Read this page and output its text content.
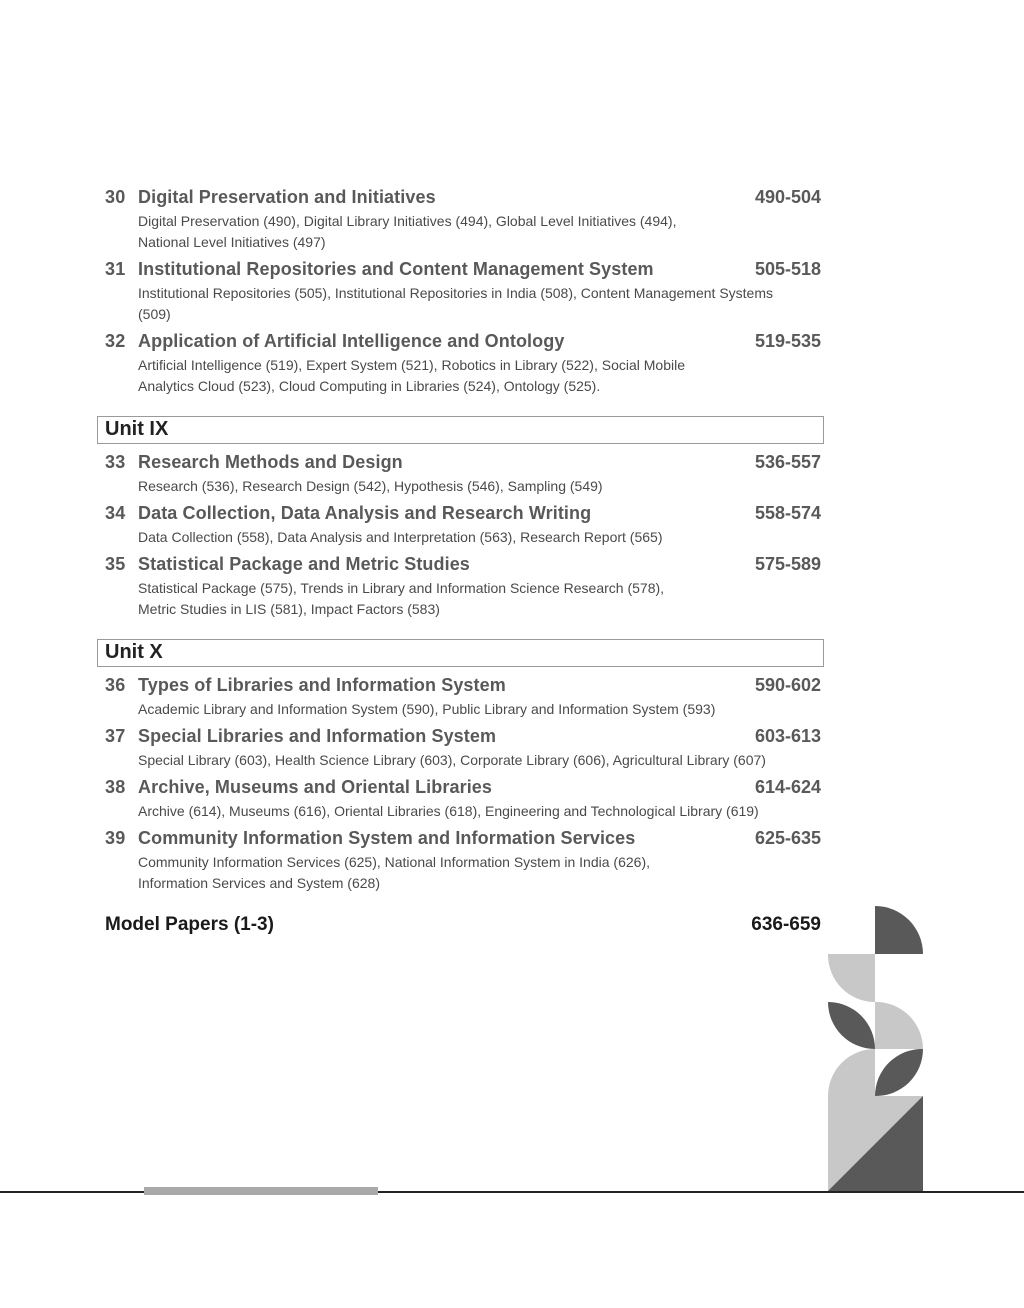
30 Digital Preservation and Initiatives	490-504
Digital Preservation (490), Digital Library Initiatives (494), Global Level Initiatives (494),
National Level Initiatives (497)
31 Institutional Repositories and Content Management System	505-518
Institutional Repositories (505), Institutional Repositories in India (508), Content Management Systems
(509)
32 Application of Artificial Intelligence and Ontology	519-535
Artificial Intelligence (519), Expert System (521), Robotics in Library (522), Social Mobile
Analytics Cloud (523), Cloud Computing in Libraries (524), Ontology (525).
Unit IX
33 Research Methods and Design	536-557
Research (536), Research Design (542), Hypothesis (546), Sampling (549)
34 Data Collection, Data Analysis and Research Writing	558-574
Data Collection (558), Data Analysis and Interpretation (563), Research Report (565)
35 Statistical Package and Metric Studies	575-589
Statistical Package (575), Trends in Library and Information Science Research (578),
Metric Studies in LIS (581), Impact Factors (583)
Unit X
36 Types of Libraries and Information System	590-602
Academic Library and Information System (590), Public Library and Information System (593)
37 Special Libraries and Information System	603-613
Special Library (603), Health Science Library (603), Corporate Library (606), Agricultural Library (607)
38 Archive, Museums and Oriental Libraries	614-624
Archive (614), Museums (616), Oriental Libraries (618), Engineering and Technological Library (619)
39 Community Information System and Information Services	625-635
Community Information Services (625), National Information System in India (626),
Information Services and System (628)
Model Papers (1-3)	636-659
